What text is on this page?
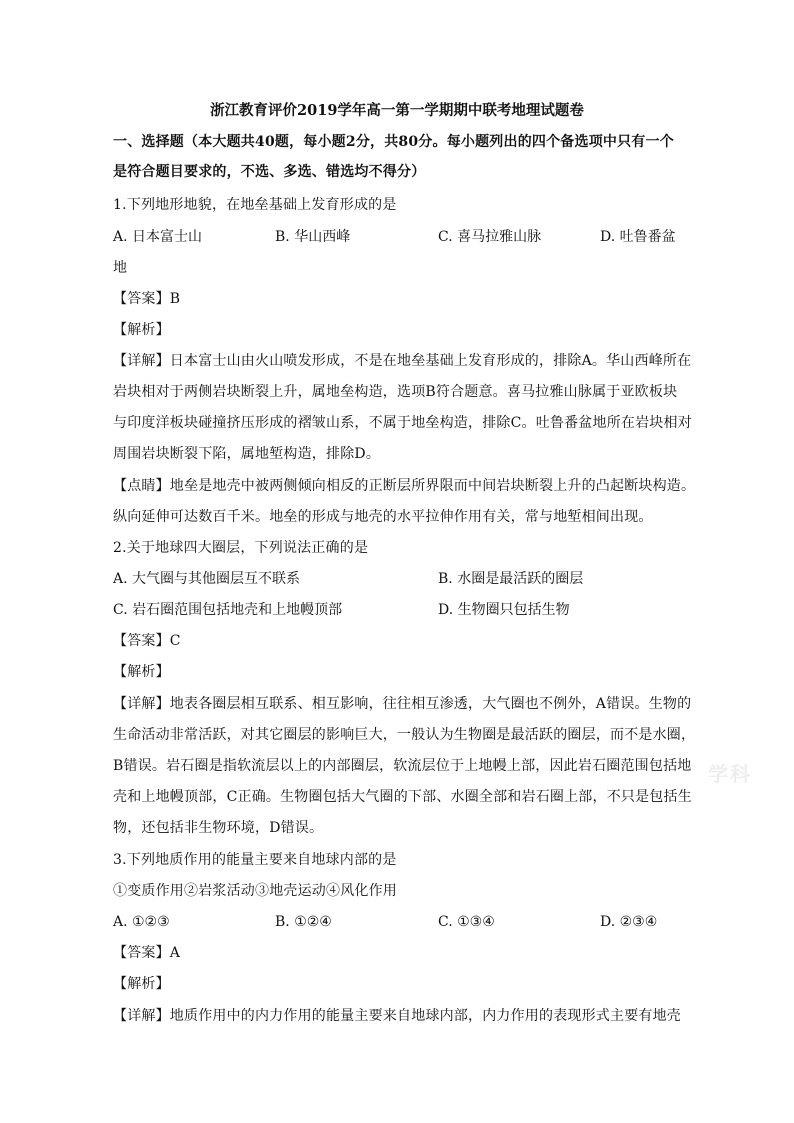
浙江教育评价2019学年高一第一学期期中联考地理试题卷
一、选择题（本大题共40题，每小题2分，共80分。每小题列出的四个备选项中只有一个
是符合题目要求的，不选、多选、错选均不得分）
1.下列地形地貌，在地垒基础上发育形成的是
A. 日本富士山	B. 华山西峰	C. 喜马拉雅山脉	D. 吐鲁番盆
地
【答案】B
【解析】
【详解】日本富士山由火山喷发形成，不是在地垒基础上发育形成的，排除A。华山西峰所在
岩块相对于两侧岩块断裂上升，属地垒构造，选项B符合题意。喜马拉雅山脉属于亚欧板块
与印度洋板块碰撞挤压形成的褶皱山系，不属于地垒构造，排除C。吐鲁番盆地所在岩块相对
周围岩块断裂下陷，属地堑构造，排除D。
【点睛】地垒是地壳中被两侧倾向相反的正断层所界限而中间岩块断裂上升的凸起断块构造。
纵向延伸可达数百千米。地垒的形成与地壳的水平拉伸作用有关，常与地堑相间出现。
2.关于地球四大圈层，下列说法正确的是
A. 大气圈与其他圈层互不联系	B. 水圈是最活跃的圈层
C. 岩石圈范围包括地壳和上地幔顶部	D. 生物圈只包括生物
【答案】C
【解析】
【详解】地表各圈层相互联系、相互影响，往往相互渗透，大气圈也不例外，A错误。生物的
生命活动非常活跃，对其它圈层的影响巨大，一般认为生物圈是最活跃的圈层，而不是水圈，
B错误。岩石圈是指软流层以上的内部圈层，软流层位于上地幔上部，因此岩石圈范围包括地
壳和上地幔顶部，C正确。生物圈包括大气圈的下部、水圈全部和岩石圈上部，不只是包括生
物，还包括非生物环境，D错误。
3.下列地质作用的能量主要来自地球内部的是
①变质作用②岩浆活动③地壳运动④风化作用
A. ①②③	B. ①②④	C. ①③④	D. ②③④
【答案】A
【解析】
【详解】地质作用中的内力作用的能量主要来自地球内部，内力作用的表现形式主要有地壳
学科
